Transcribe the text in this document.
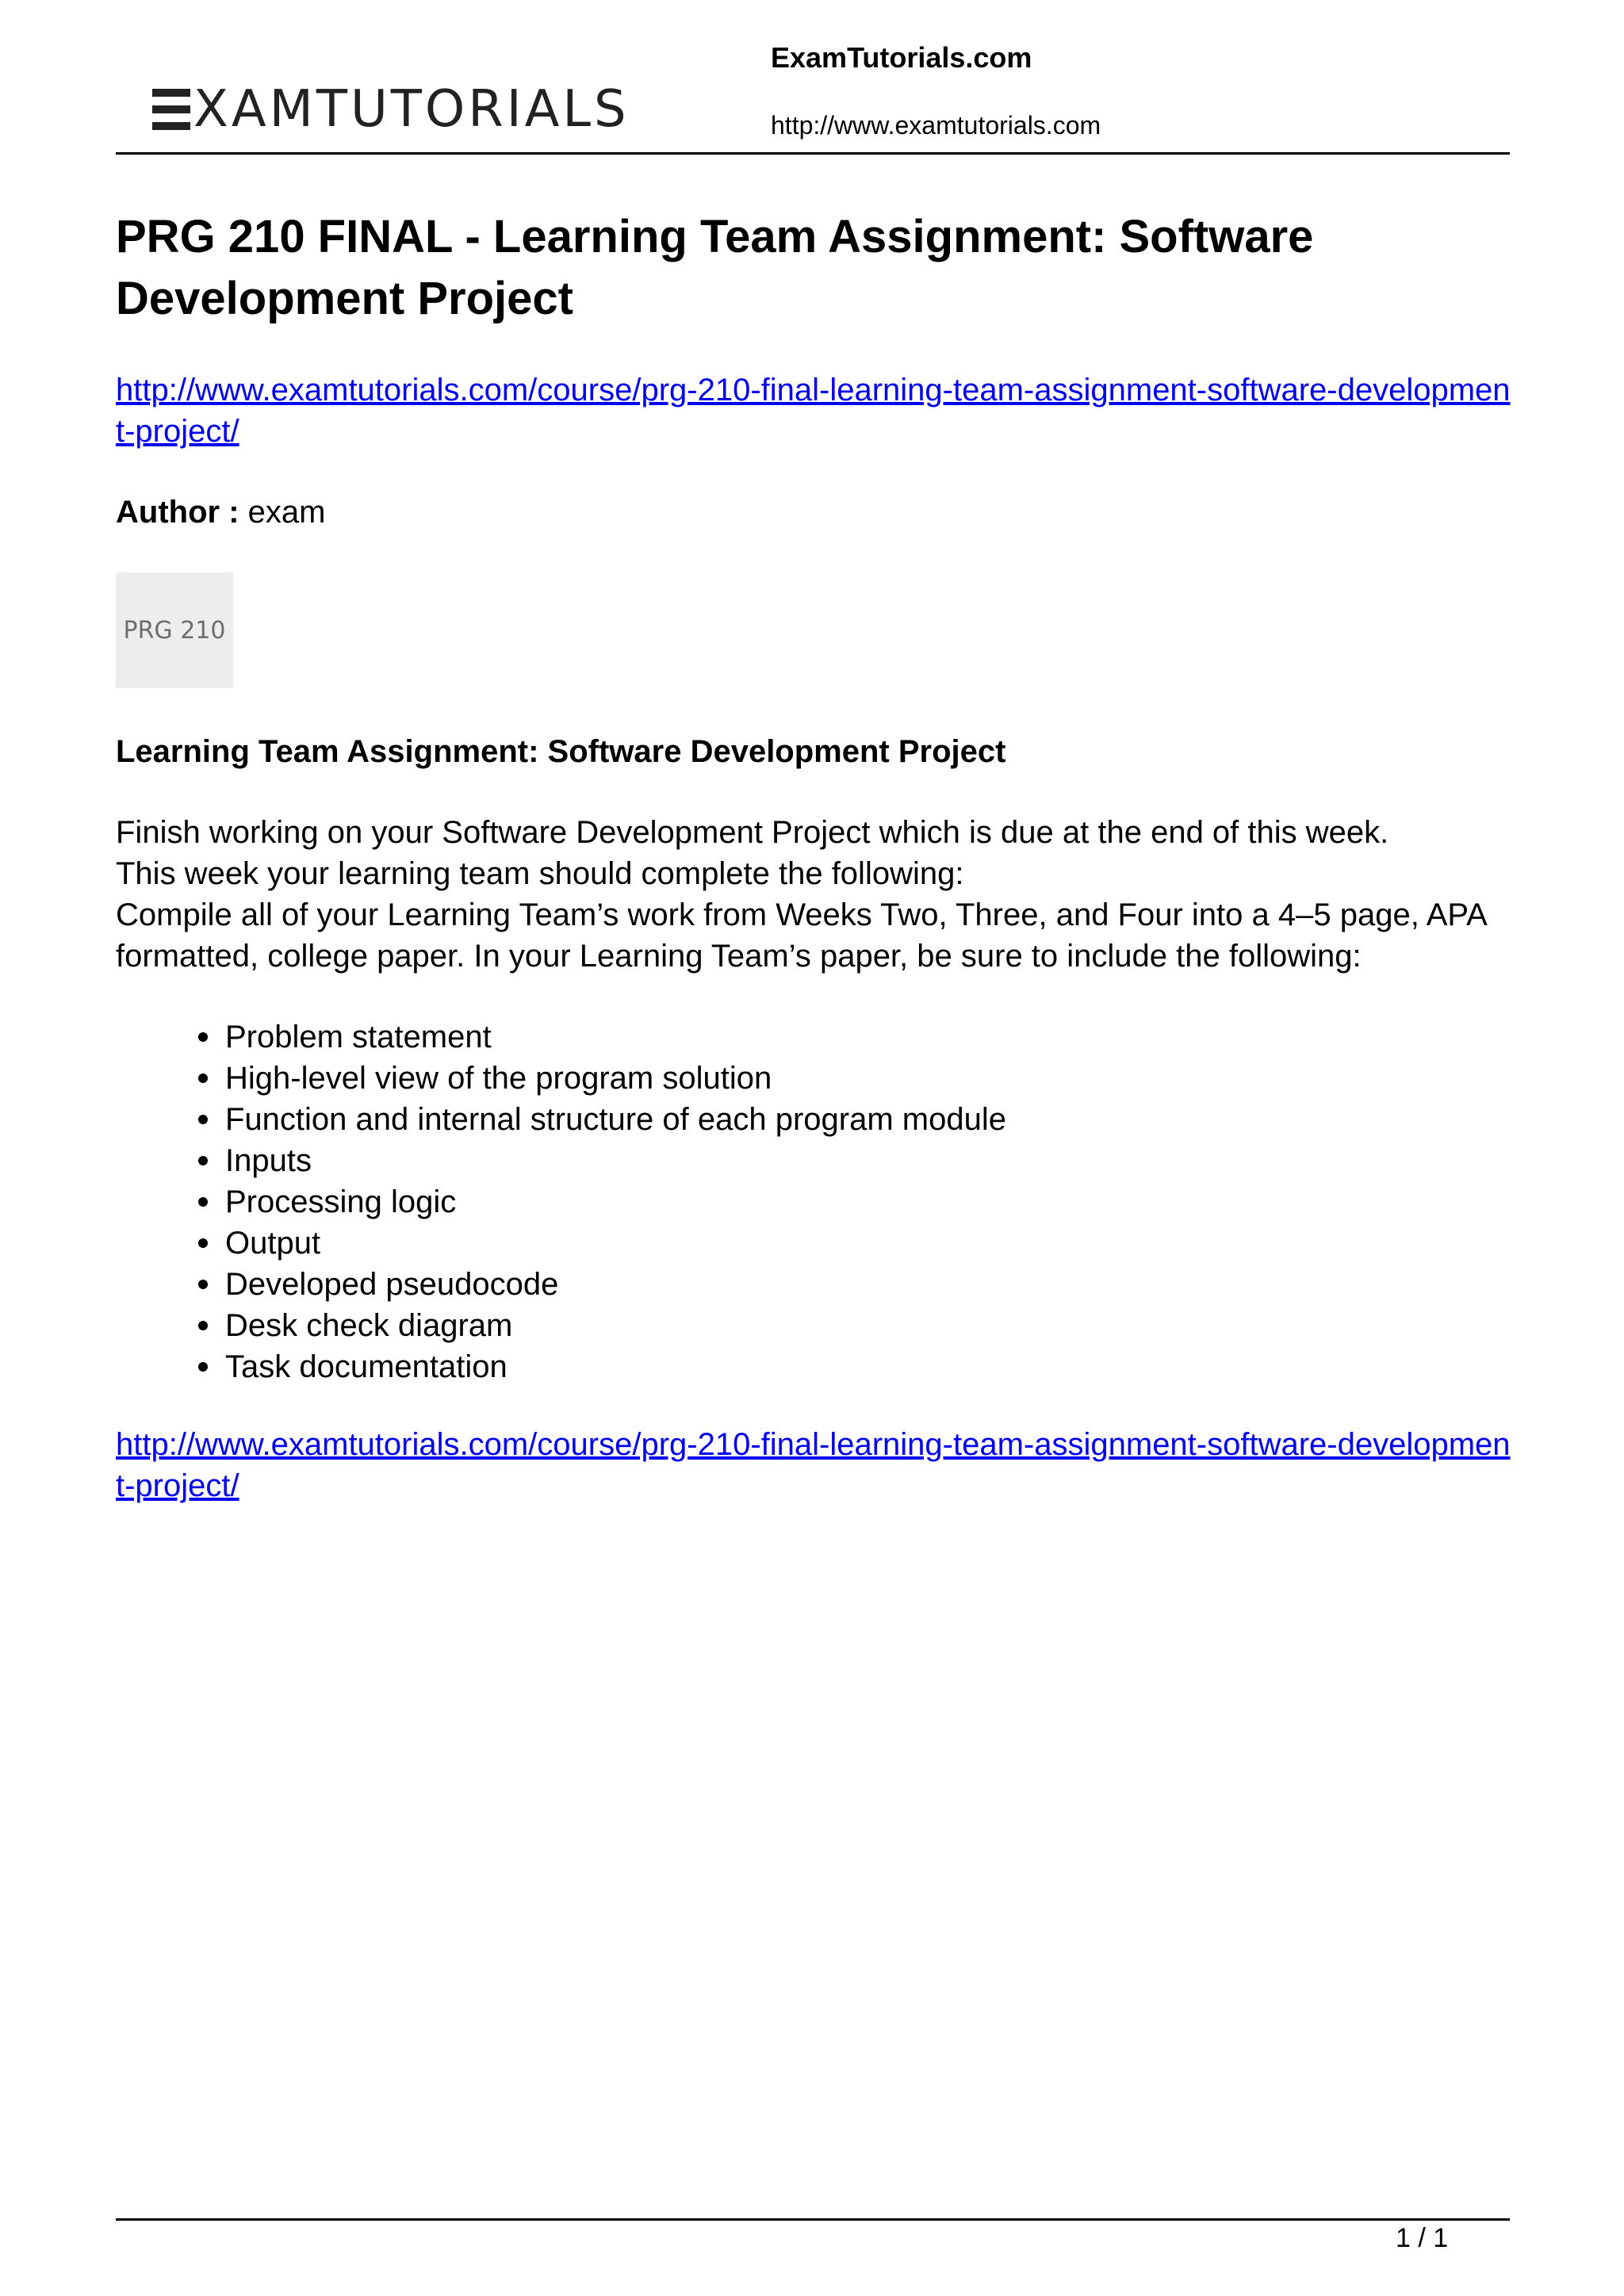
XAMTUTORIALS
ExamTutorials.com
http://www.examtutorials.com
PRG 210 FINAL - Learning Team Assignment: Software Development Project
http://www.examtutorials.com/course/prg-210-final-learning-team-assignment-software-development-project/
Author : exam
PRG 210
Learning Team Assignment: Software Development Project

Finish working on your Software Development Project which is due at the end of this week.

This week your learning team should complete the following:

Compile all of your Learning Team’s work from Weeks Two, Three, and Four into a 4–5 page, APA formatted, college paper. In your Learning Team’s paper, be sure to include the following:

Problem statement
High-level view of the program solution
Function and internal structure of each program module
Inputs
Processing logic
Output
Developed pseudocode
Desk check diagram
Task documentation
http://www.examtutorials.com/course/prg-210-final-learning-team-assignment-software-development-project/
1 / 1
